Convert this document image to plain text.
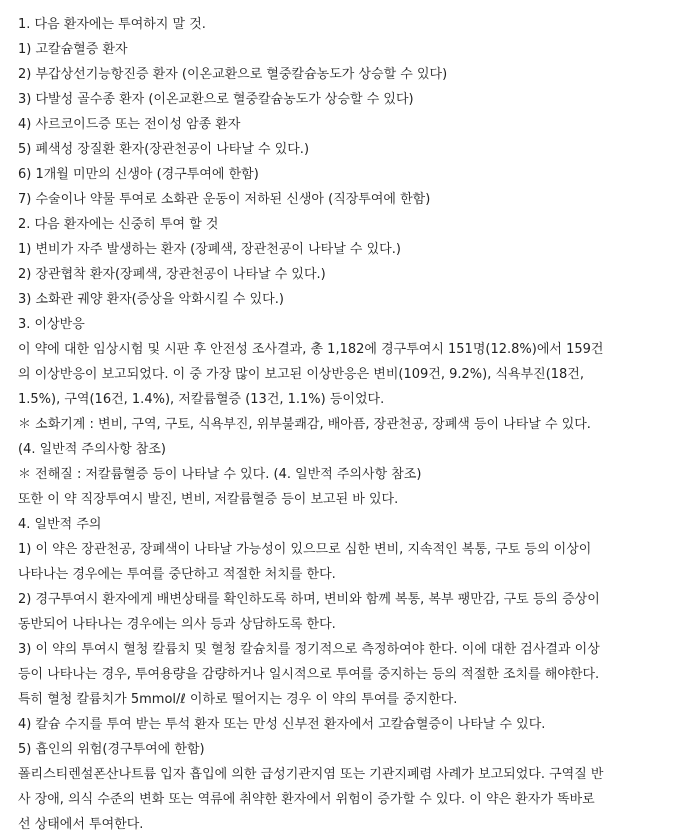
1. 다음 환자에는 투여하지 말 것.
1) 고칼슘혈증 환자
2) 부갑상선기능항진증 환자 (이온교환으로 혈중칼슘농도가 상승할 수 있다)
3) 다발성 골수종 환자 (이온교환으로 혈중칼슘농도가 상승할 수 있다)
4) 사르코이드증 또는 전이성 암종 환자
5) 폐색성 장질환 환자(장관천공이 나타날 수 있다.)
6) 1개월 미만의 신생아 (경구투여에 한함)
7) 수술이나 약물 투여로 소화관 운동이 저하된 신생아 (직장투여에 한함)
2. 다음 환자에는 신중히 투여 할 것
1) 변비가 자주 발생하는 환자 (장폐색, 장관천공이 나타날 수 있다.)
2) 장관협착 환자(장폐색, 장관천공이 나타날 수 있다.)
3) 소화관 궤양 환자(증상을 악화시킬 수 있다.)
3. 이상반응
이 약에 대한 임상시험 및 시판 후 안전성 조사결과, 총 1,182에 경구투여시 151명(12.8%)에서 159건
의 이상반응이 보고되었다. 이 중 가장 많이 보고된 이상반응은 변비(109건, 9.2%), 식욕부진(18건,
1.5%), 구역(16건, 1.4%), 저칼륨혈증 (13건, 1.1%) 등이었다.
＊ 소화기계 : 변비, 구역, 구토, 식욕부진, 위부불쾌감, 배아픔, 장관천공, 장폐색 등이 나타날 수 있다.
(4. 일반적 주의사항 참조)
＊ 전해질 : 저칼륨혈증 등이 나타날 수 있다. (4. 일반적 주의사항 참조)
또한 이 약 직장투여시 발진, 변비, 저칼륨혈증 등이 보고된 바 있다.
4. 일반적 주의
1) 이 약은 장관천공, 장폐색이 나타날 가능성이 있으므로 심한 변비, 지속적인 복통, 구토 등의 이상이
나타나는 경우에는 투여를 중단하고 적절한 처치를 한다.
2) 경구투여시 환자에게 배변상태를 확인하도록 하며, 변비와 함께 복통, 복부 팽만감, 구토 등의 증상이
동반되어 나타나는 경우에는 의사 등과 상담하도록 한다.
3) 이 약의 투여시 혈청 칼륨치 및 혈청 칼슘치를 정기적으로 측정하여야 한다. 이에 대한 검사결과 이상
등이 나타나는 경우, 투여용량을 감량하거나 일시적으로 투여를 중지하는 등의 적절한 조치를 해야한다.
특히 혈청 칼륨치가 5mmol/ℓ 이하로 떨어지는 경우 이 약의 투여를 중지한다.
4) 칼슘 수지를 투여 받는 투석 환자 또는 만성 신부전 환자에서 고칼슘혈증이 나타날 수 있다.
5) 흡인의 위험(경구투여에 한함)
폴리스티렌설폰산나트륨 입자 흡입에 의한 급성기관지염 또는 기관지폐렴 사례가 보고되었다. 구역질 반
사 장애, 의식 수준의 변화 또는 역류에 취약한 환자에서 위험이 증가할 수 있다. 이 약은 환자가 똑바로
선 상태에서 투여한다.
